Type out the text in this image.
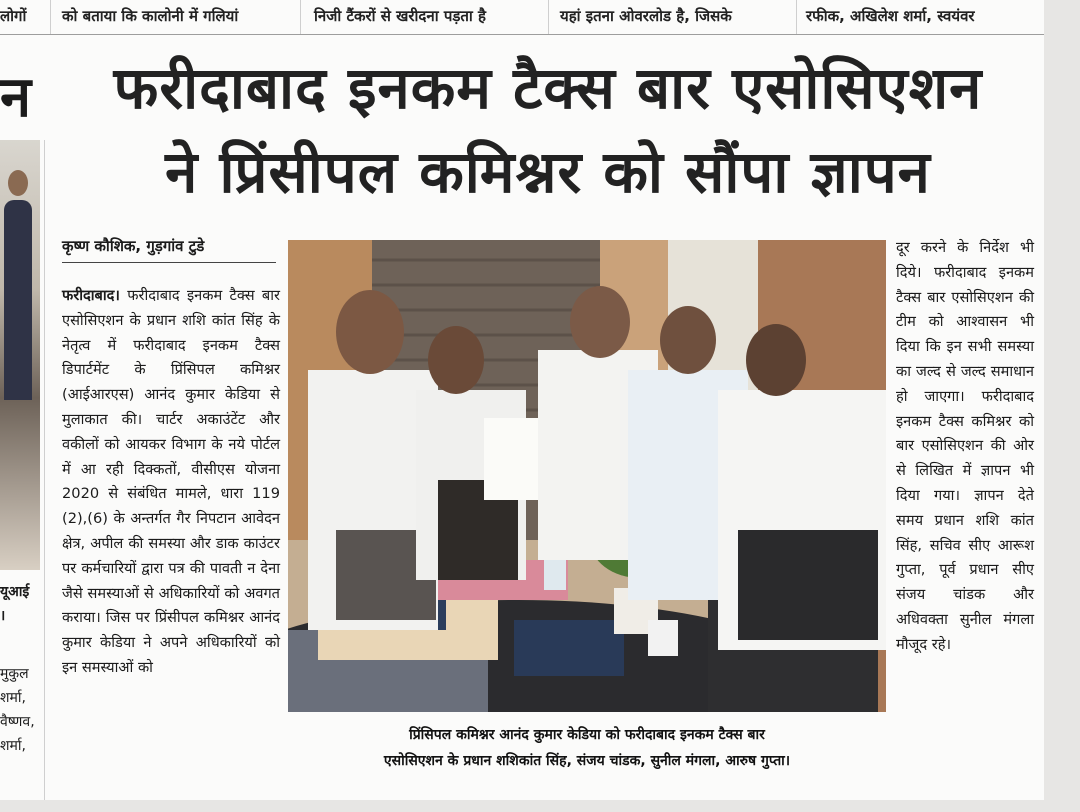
लोगों को बताया कि कालोनी में गलियां	निजी टैंकरों से खरीदना पड़ता है	यहां इतना ओवरलोड है, जिसके	रफीक, अखिलेश शर्मा, स्वयंवर
न	फरीदाबाद इनकम टैक्स बार एसोसिएशन
ने प्रिंसीपल कमिश्नर को सौंपा ज्ञापन
यूआई
।
मुकुल
शर्मा,
वैष्णव,
शर्मा,
कृष्ण कौशिक, गुड़गांव टुडे
फरीदाबाद। फरीदाबाद इनकम टैक्स बार एसोसिएशन के प्रधान शशि कांत सिंह के नेतृत्व में फरीदाबाद इनकम टैक्स डिपार्टमेंट के प्रिंसिपल कमिश्नर (आईआरएस) आनंद कुमार केडिया से मुलाकात की। चार्टर अकाउंटेंट और वकीलों को आयकर विभाग के नये पोर्टल में आ रही दिक्कतों, वीसीएस योजना 2020 से संबंधित मामले, धारा 119 (2),(6) के अन्तर्गत गैर निपटान आवेदन क्षेत्र, अपील की समस्या और डाक काउंटर पर कर्मचारियों द्वारा पत्र की पावती न देना जैसे समस्याओं से अधिकारियों को अवगत कराया। जिस पर प्रिंसीपल कमिश्नर आनंद कुमार केडिया ने अपने अधिकारियों को इन समस्याओं को
प्रिंसिपल कमिश्नर आनंद कुमार केडिया को फरीदाबाद इनकम टैक्स बार
एसोसिएशन के प्रधान शशिकांत सिंह, संजय चांडक, सुनील मंगला, आरुष गुप्ता।
दूर करने के निर्देश भी दिये। फरीदाबाद इनकम टैक्स बार एसोसिएशन की टीम को आश्वासन भी दिया कि इन सभी समस्या का जल्द से जल्द समाधान हो जाएगा। फरीदाबाद इनकम टैक्स कमिश्नर को बार एसोसिएशन की ओर से लिखित में ज्ञापन भी दिया गया। ज्ञापन देते समय प्रधान शशि कांत सिंह, सचिव सीए आरूश गुप्ता, पूर्व प्रधान सीए संजय चांडक और अधिवक्ता सुनील मंगला मौजूद रहे।
